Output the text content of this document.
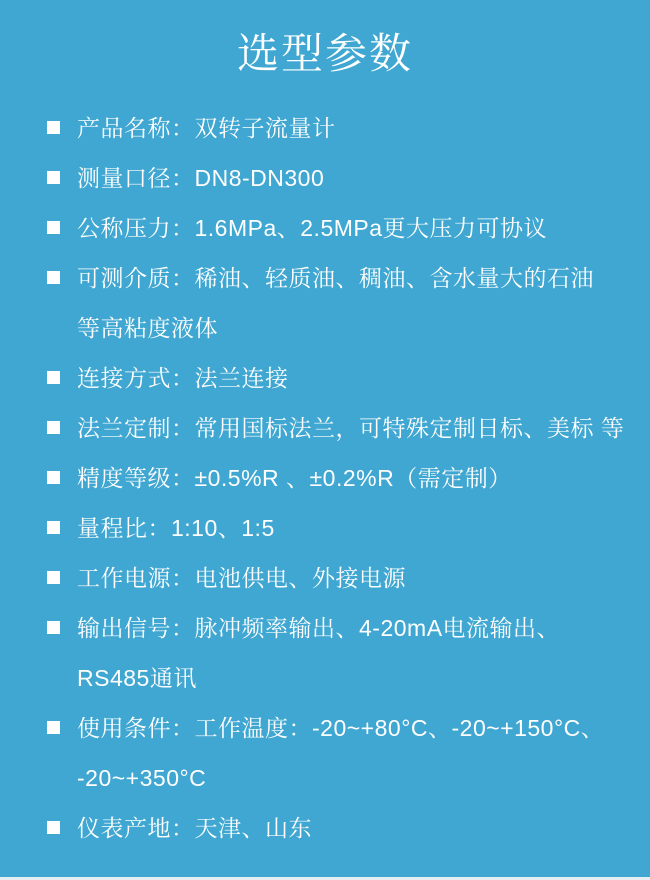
选型参数
产品名称：双转子流量计
测量口径：DN8-DN300
公称压力：1.6MPa、2.5MPa更大压力可协议
可测介质：稀油、轻质油、稠油、含水量大的石油
等高粘度液体
连接方式：法兰连接
法兰定制：常用国标法兰，可特殊定制日标、美标 等
精度等级：±0.5%R 、±0.2%R（需定制）
量程比：1:10、1:5
工作电源：电池供电、外接电源
输出信号：脉冲频率输出、4-20mA电流输出、
RS485通讯
使用条件：工作温度：-20~+80°C、-20~+150°C、
-20~+350°C
仪表产地：天津、山东
